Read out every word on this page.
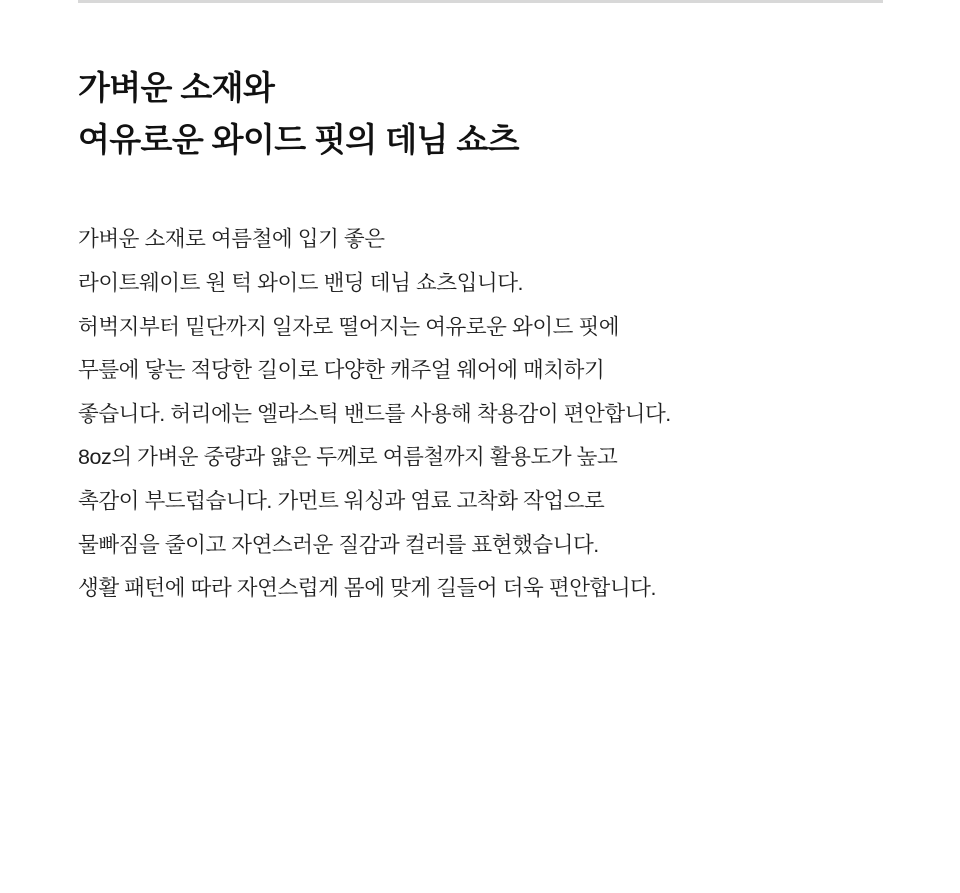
가벼운 소재와
여유로운 와이드 핏의 데님 쇼츠
가벼운 소재로 여름철에 입기 좋은
라이트웨이트 원 턱 와이드 밴딩 데님 쇼츠입니다.
허벅지부터 밑단까지 일자로 떨어지는 여유로운 와이드 핏에
무릎에 닿는 적당한 길이로 다양한 캐주얼 웨어에 매치하기
좋습니다. 허리에는 엘라스틱 밴드를 사용해 착용감이 편안합니다.
8oz의 가벼운 중량과 얇은 두께로 여름철까지 활용도가 높고
촉감이 부드럽습니다. 가먼트 워싱과 염료 고착화 작업으로
물빠짐을 줄이고 자연스러운 질감과 컬러를 표현했습니다.
생활 패턴에 따라 자연스럽게 몸에 맞게 길들어 더욱 편안합니다.
